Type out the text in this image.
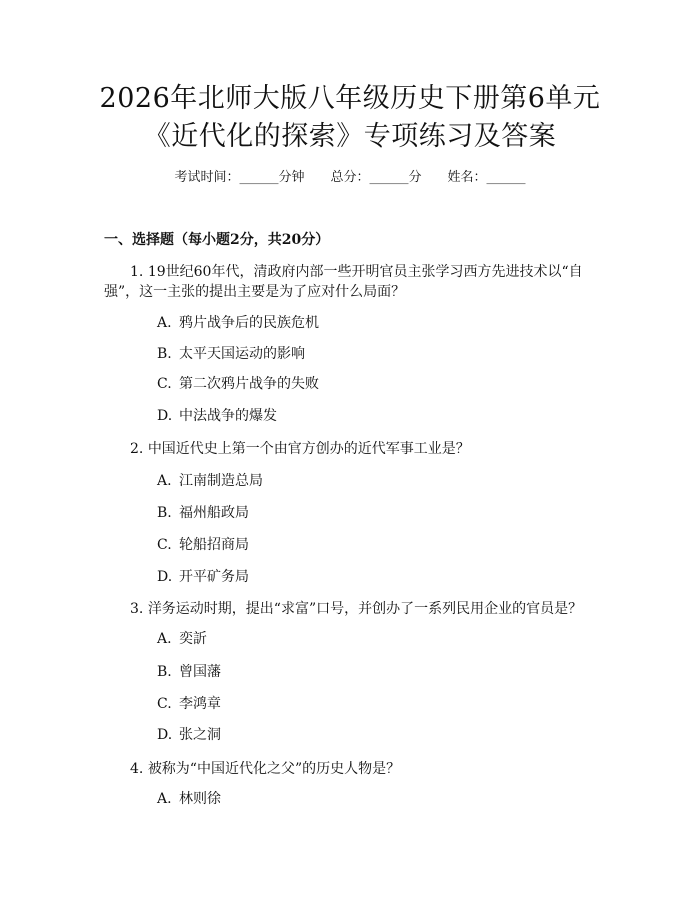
2026年北师大版八年级历史下册第6单元
《近代化的探索》专项练习及答案
考试时间：______分钟 总分：______分 姓名：______
一、选择题（每小题2分，共20分）
1. 19世纪60年代，清政府内部一些开明官员主张学习西方先进技术以“自
强”，这一主张的提出主要是为了应对什么局面？
A. 鸦片战争后的民族危机
B. 太平天国运动的影响
C. 第二次鸦片战争的失败
D. 中法战争的爆发
2. 中国近代史上第一个由官方创办的近代军事工业是？
A. 江南制造总局
B. 福州船政局
C. 轮船招商局
D. 开平矿务局
3. 洋务运动时期，提出“求富”口号，并创办了一系列民用企业的官员是？
A. 奕訢
B. 曾国藩
C. 李鸿章
D. 张之洞
4. 被称为“中国近代化之父”的历史人物是？
A. 林则徐
